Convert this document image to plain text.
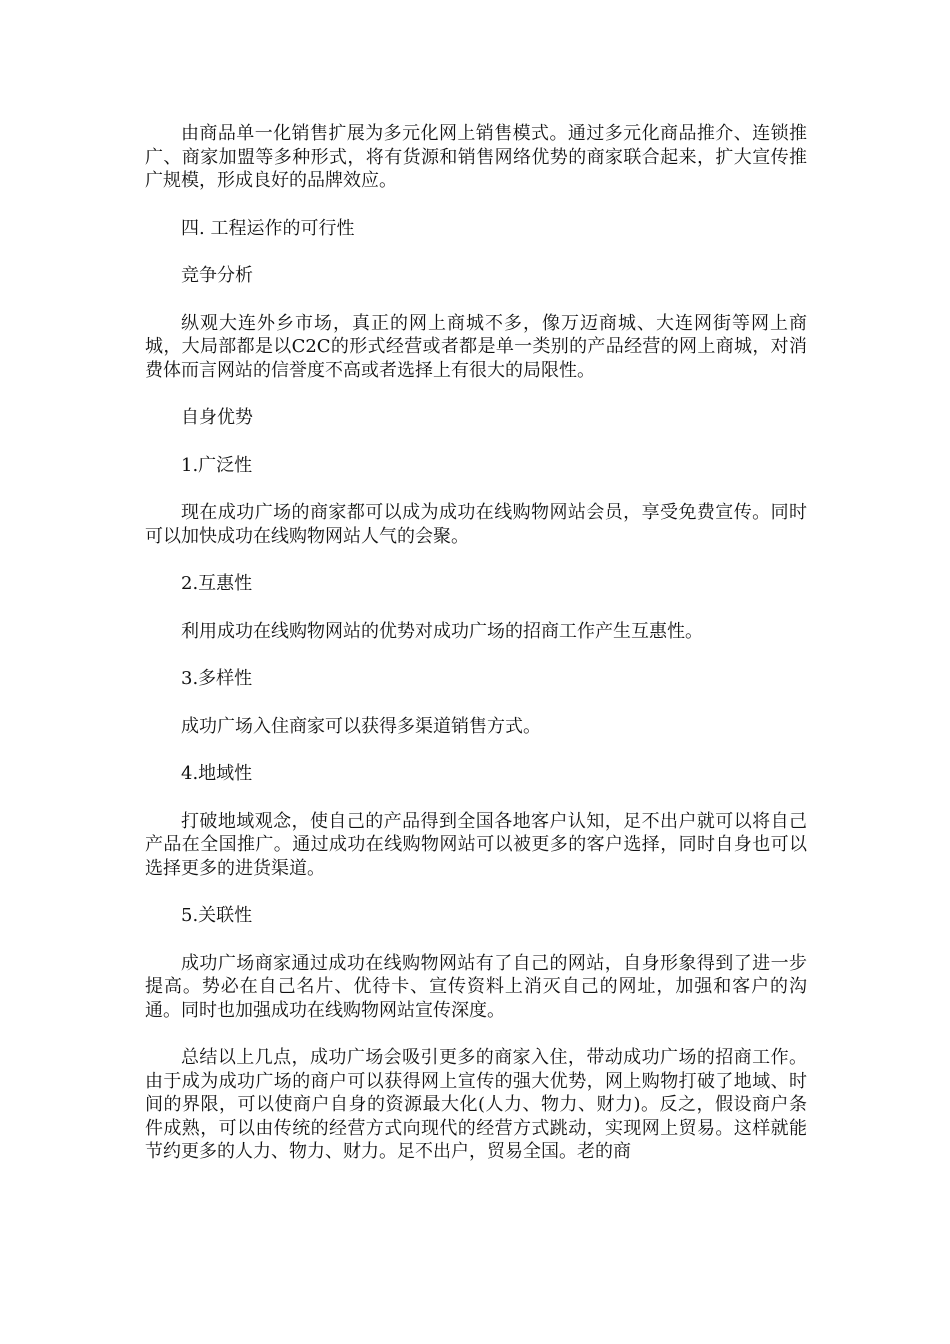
由商品单一化销售扩展为多元化网上销售模式。通过多元化商品推介、连锁推广、商家加盟等多种形式，将有货源和销售网络优势的商家联合起来，扩大宣传推广规模，形成良好的品牌效应。

四. 工程运作的可行性

竞争分析

纵观大连外乡市场，真正的网上商城不多，像万迈商城、大连网街等网上商城，大局部都是以C2C的形式经营或者都是单一类别的产品经营的网上商城，对消费体而言网站的信誉度不高或者选择上有很大的局限性。

自身优势

1.广泛性

现在成功广场的商家都可以成为成功在线购物网站会员，享受免费宣传。同时可以加快成功在线购物网站人气的会聚。

2.互惠性

利用成功在线购物网站的优势对成功广场的招商工作产生互惠性。

3.多样性

成功广场入住商家可以获得多渠道销售方式。

4.地域性

打破地域观念，使自己的产品得到全国各地客户认知，足不出户就可以将自己产品在全国推广。通过成功在线购物网站可以被更多的客户选择，同时自身也可以选择更多的进货渠道。

5.关联性

成功广场商家通过成功在线购物网站有了自己的网站，自身形象得到了进一步提高。势必在自己名片、优待卡、宣传资料上消灭自己的网址，加强和客户的沟通。同时也加强成功在线购物网站宣传深度。

总结以上几点，成功广场会吸引更多的商家入住，带动成功广场的招商工作。由于成为成功广场的商户可以获得网上宣传的强大优势，网上购物打破了地域、时间的界限，可以使商户自身的资源最大化(人力、物力、财力)。反之，假设商户条件成熟，可以由传统的经营方式向现代的经营方式跳动，实现网上贸易。这样就能节约更多的人力、物力、财力。足不出户，贸易全国。老的商
